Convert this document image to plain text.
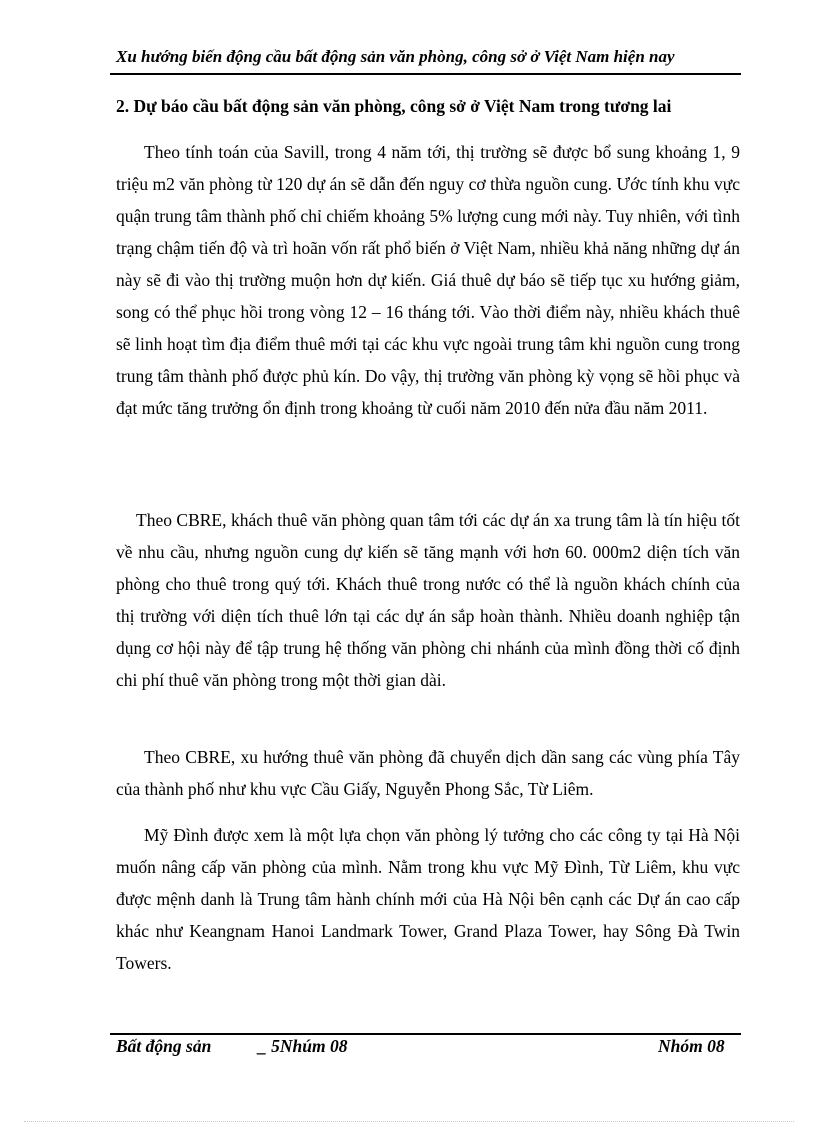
Xu hướng biến động cầu bất động sản văn phòng, công sở ở Việt Nam hiện nay
2. Dự báo cầu bất động sản văn phòng, công sở ở Việt Nam trong tương lai

Theo tính toán của Savill, trong 4 năm tới, thị trường sẽ được bổ sung khoảng 1, 9 triệu m2 văn phòng từ 120 dự án sẽ dẫn đến nguy cơ thừa nguồn cung. Ước tính khu vực quận trung tâm thành phố chỉ chiếm khoảng 5% lượng cung mới này. Tuy nhiên, với tình trạng chậm tiến độ và trì hoãn vốn rất phổ biến ở Việt Nam, nhiều khả năng những dự án này sẽ đi vào thị trường muộn hơn dự kiến. Giá thuê dự báo sẽ tiếp tục xu hướng giảm, song có thể phục hồi trong vòng 12 – 16 tháng tới. Vào thời điểm này, nhiều khách thuê sẽ linh hoạt tìm địa điểm thuê mới tại các khu vực ngoài trung tâm khi nguồn cung trong trung tâm thành phố được phủ kín. Do vậy, thị trường văn phòng kỳ vọng sẽ hồi phục và đạt mức tăng trưởng ổn định trong khoảng từ cuối năm 2010 đến nửa đầu năm 2011.

Theo CBRE, khách thuê văn phòng quan tâm tới các dự án xa trung tâm là tín hiệu tốt về nhu cầu, nhưng nguồn cung dự kiến sẽ tăng mạnh với hơn 60. 000m2 diện tích văn phòng cho thuê trong quý tới. Khách thuê trong nước có thể là nguồn khách chính của thị trường với diện tích thuê lớn tại các dự án sắp hoàn thành. Nhiều doanh nghiệp tận dụng cơ hội này để tập trung hệ thống văn phòng chi nhánh của mình đồng thời cố định chi phí thuê văn phòng trong một thời gian dài.

Theo CBRE, xu hướng thuê văn phòng đã chuyển dịch dần sang các vùng phía Tây của thành phố như khu vực Cầu Giấy, Nguyễn Phong Sắc, Từ Liêm.

Mỹ Đình được xem là một lựa chọn văn phòng lý tưởng cho các công ty tại Hà Nội muốn nâng cấp văn phòng của mình. Nằm trong khu vực Mỹ Đình, Từ Liêm, khu vực được mệnh danh là Trung tâm hành chính mới của Hà Nội bên cạnh các Dự án cao cấp khác như Keangnam Hanoi Landmark Tower, Grand Plaza Tower, hay Sông Đà Twin Towers.

Bất động sản	_ 5Nhúm 08	Nhóm 08
